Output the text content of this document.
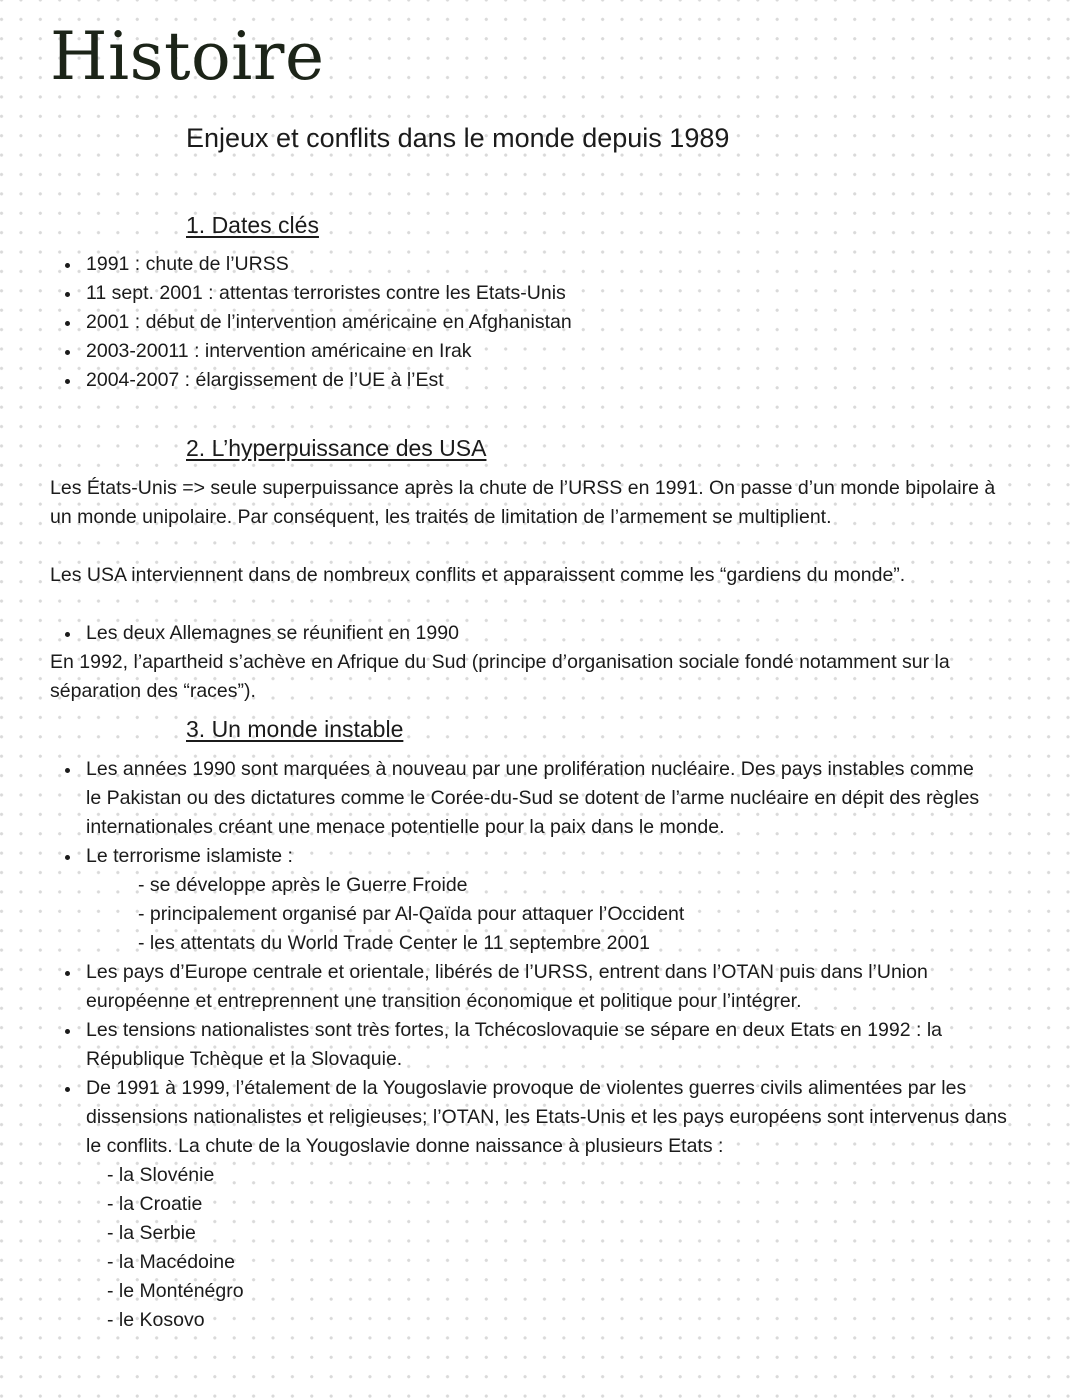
Histoire
Enjeux et conflits dans le monde depuis 1989
1. Dates clés
1991 : chute de l’URSS
11 sept. 2001 : attentas terroristes contre les Etats-Unis
2001 : début de l’intervention américaine en Afghanistan
2003-20011 : intervention américaine en Irak
2004-2007 : élargissement de l’UE à l’Est
2. L’hyperpuissance des USA

Les États-Unis => seule superpuissance après la chute de l’URSS en 1991. On passe d’un monde bipolaire à un monde unipolaire. Par conséquent, les traités de limitation de l’armement se multiplient.

Les USA interviennent dans de nombreux conflits et apparaissent comme les “gardiens du monde”.

Les deux Allemagnes se réunifient en 1990

En 1992, l’apartheid s’achève en Afrique du Sud (principe d’organisation sociale fondé notamment sur la séparation des “races”).

3. Un monde instable
Les années 1990 sont marquées à nouveau par une prolifération nucléaire. Des pays instables comme le Pakistan ou des dictatures comme le Corée-du-Sud se dotent de l’arme nucléaire en dépit des règles internationales créant une menace potentielle pour la paix dans le monde.
Le terrorisme islamiste :
- se développe après le Guerre Froide
- principalement organisé par Al-Qaïda pour attaquer l’Occident
- les attentats du World Trade Center le 11 septembre 2001
Les pays d’Europe centrale et orientale, libérés de l’URSS, entrent dans l’OTAN puis dans l’Union européenne et entreprennent une transition économique et politique pour l’intégrer.
Les tensions nationalistes sont très fortes, la Tchécoslovaquie se sépare en deux Etats en 1992 : la République Tchèque et la Slovaquie.
De 1991 à 1999, l’étalement de la Yougoslavie provoque de violentes guerres civils alimentées par les dissensions nationalistes et religieuses; l’OTAN, les Etats-Unis et les pays européens sont intervenus dans le conflits. La chute de la Yougoslavie donne naissance à plusieurs Etats :
- la Slovénie
- la Croatie
- la Serbie
- la Macédoine
- le Monténégro
- le Kosovo
